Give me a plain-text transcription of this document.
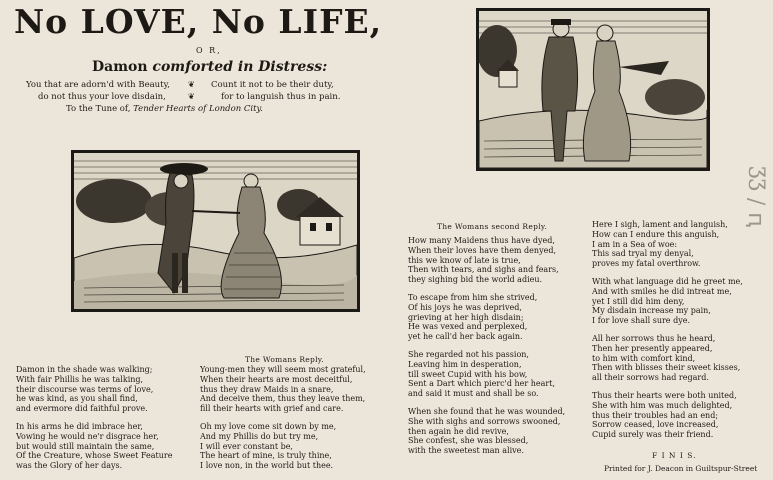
No LOVE, No LIFE,
O R,
Damon comforted in Distress:
You that are adorn'd with Beauty, ❦ Count it not to be their duty,
do not thus your love disdain,	❦	for to languish thus in pain.
To the Tune of, Tender Hearts of London City.
The Womans Reply.
The Womans second Reply.
Damon in the shade was walking;
With fair Phillis he was talking,
their discourse was terms of love,
he was kind, as you shall find,
and evermore did faithful prove.
In his arms he did imbrace her,
Vowing he would ne'r disgrace her,
but would still maintain the same,
Of the Creature, whose Sweet Feature
was the Glory of her days.
Young-men they will seem most grateful,
When their hearts are most deceitful,
thus they draw Maids in a snare,
And deceive them, thus they leave them,
fill their hearts with grief and care.
Oh my love come sit down by me,
And my Phillis do but try me,
I will ever constant be,
The heart of mine, is truly thine,
I love non, in the world but thee.
How many Maidens thus have dyed,
When their loves have them denyed,
this we know of late is true,
Then with tears, and sighs and fears,
they sighing bid the world adieu.
To escape from him she strived,
Of his joys he was deprived,
grieving at her high disdain;
He was vexed and perplexed,
yet he call'd her back again.
She regarded not his passion,
Leaving him in desperation,
till sweet Cupid with his bow,
Sent a Dart which pierc'd her heart,
and said it must and shall be so.
When she found that he was wounded,
She with sighs and sorrows swooned,
then again he did revive,
She confest, she was blessed,
with the sweetest man alive.
Here I sigh, lament and languish,
How can I endure this anguish,
I am in a Sea of woe:
This sad tryal my denyal,
proves my fatal overthrow.
With what language did he greet me,
And with smiles he did intreat me,
yet I still did him deny,
My disdain increase my pain,
I for love shall sure dye.
All her sorrows thus he heard,
Then her presently appeared,
to him with comfort kind,
Then with blisses their sweet kisses,
all their sorrows had regard.
Thus their hearts were both united,
She with him was much delighted,
thus their troubles had an end;
Sorrow ceased, love increased,
Cupid surely was their friend.
F I N I S.
Printed for J. Deacon in Guiltspur-Street
ƷƷ / ԥ
